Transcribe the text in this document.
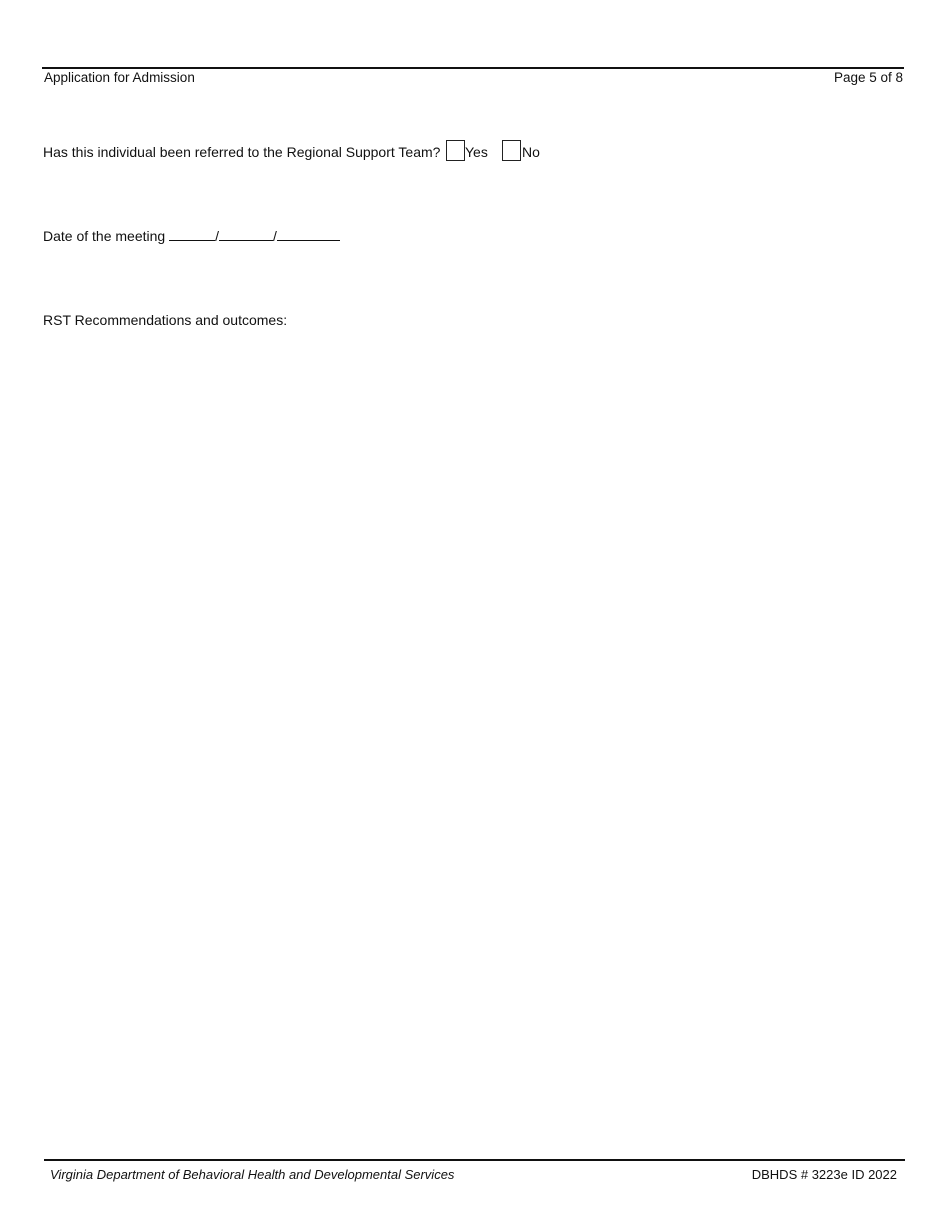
Application for Admission	Page 5 of 8
Has this individual been referred to the Regional Support Team? Yes No
Date of the meeting	/	/
RST Recommendations and outcomes:
Virginia Department of Behavioral Health and Developmental Services	DBHDS # 3223e ID 2022
